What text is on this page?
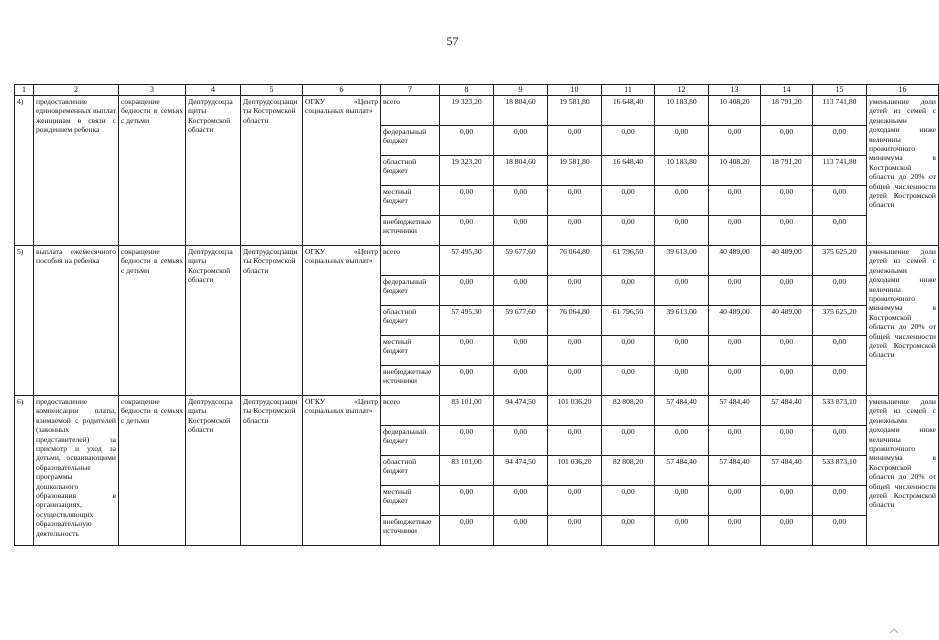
57
1	2	3	4	5	6	7	8	9	10	11	12	13	14	15	16
4)	предоставление единовременных выплат женщинам в связи с рождением ребенка	сокращение бедности в семьях с детьми	Дептрудсоцзащиты Костромской области	Дептрудсоцзащиты Костромской области	ОГКУ «Центр социальных выплат»	всего	19 323,20	18 804,60	19 581,80	16 648,40	10 183,80	10 408,20	18 791,20	113 741,80	уменьшение доли детей из семей с денежными доходами ниже величины прожиточного минимума в Костромской области до 20% от общей численности детей Костромской области
						федеральный бюджет	0,00	0,00	0,00	0,00	0,00	0,00	0,00	0,00	
						областной бюджет	19 323,20	18 804,60	19 581,80	16 648,40	10 183,80	10 408,20	18 791,20	113 741,80	
						местный бюджет	0,00	0,00	0,00	0,00	0,00	0,00	0,00	0,00	
						внебюджетные источники	0,00	0,00	0,00	0,00	0,00	0,00	0,00	0,00	
5)	выплата ежемесячного пособия на ребенка	сокращение бедности в семьях с детьми	Дептрудсоцзащиты Костромской области	Дептрудсоцзащиты Костромской области	ОГКУ «Центр социальных выплат»	всего	57 495,30	59 677,60	76 064,80	61 796,50	39 613,00	40 489,00	40 489,00	375 625,20	уменьшение доли детей из семей с денежными доходами ниже величины прожиточного минимума в Костромской области до 20% от общей численности детей Костромской области
						федеральный бюджет	0,00	0,00	0,00	0,00	0,00	0,00	0,00	0,00	
						областной бюджет	57 495,30	59 677,60	76 064,80	61 796,50	39 613,00	40 489,00	40 489,00	375 625,20	
						местный бюджет	0,00	0,00	0,00	0,00	0,00	0,00	0,00	0,00	
						внебюджетные источники	0,00	0,00	0,00	0,00	0,00	0,00	0,00	0,00	
6)	предоставление компенсации платы, взимаемой с родителей (законных представителей) за присмотр и уход за детьми, осваивающими образовательные программы дошкольного образования в организациях, осуществляющих образовательную деятельность	сокращение бедности в семьях с детьми	Дептрудсоцзащиты Костромской области	Дептрудсоцзащиты Костромской области	ОГКУ «Центр социальных выплат»	всего	83 101,00	94 474,50	101 036,20	82 808,20	57 484,40	57 484,40	57 484,40	533 873,10	уменьшение доли детей из семей с денежными доходами ниже величины прожиточного минимума в Костромской области до 20% от общей численности детей Костромской области
						федеральный бюджет	0,00	0,00	0,00	0,00	0,00	0,00	0,00	0,00	
						областной бюджет	83 101,00	94 474,50	101 036,20	82 808,20	57 484,40	57 484,40	57 484,40	533 873,10	
						местный бюджет	0,00	0,00	0,00	0,00	0,00	0,00	0,00	0,00	
						внебюджетные источники	0,00	0,00	0,00	0,00	0,00	0,00	0,00	0,00	
